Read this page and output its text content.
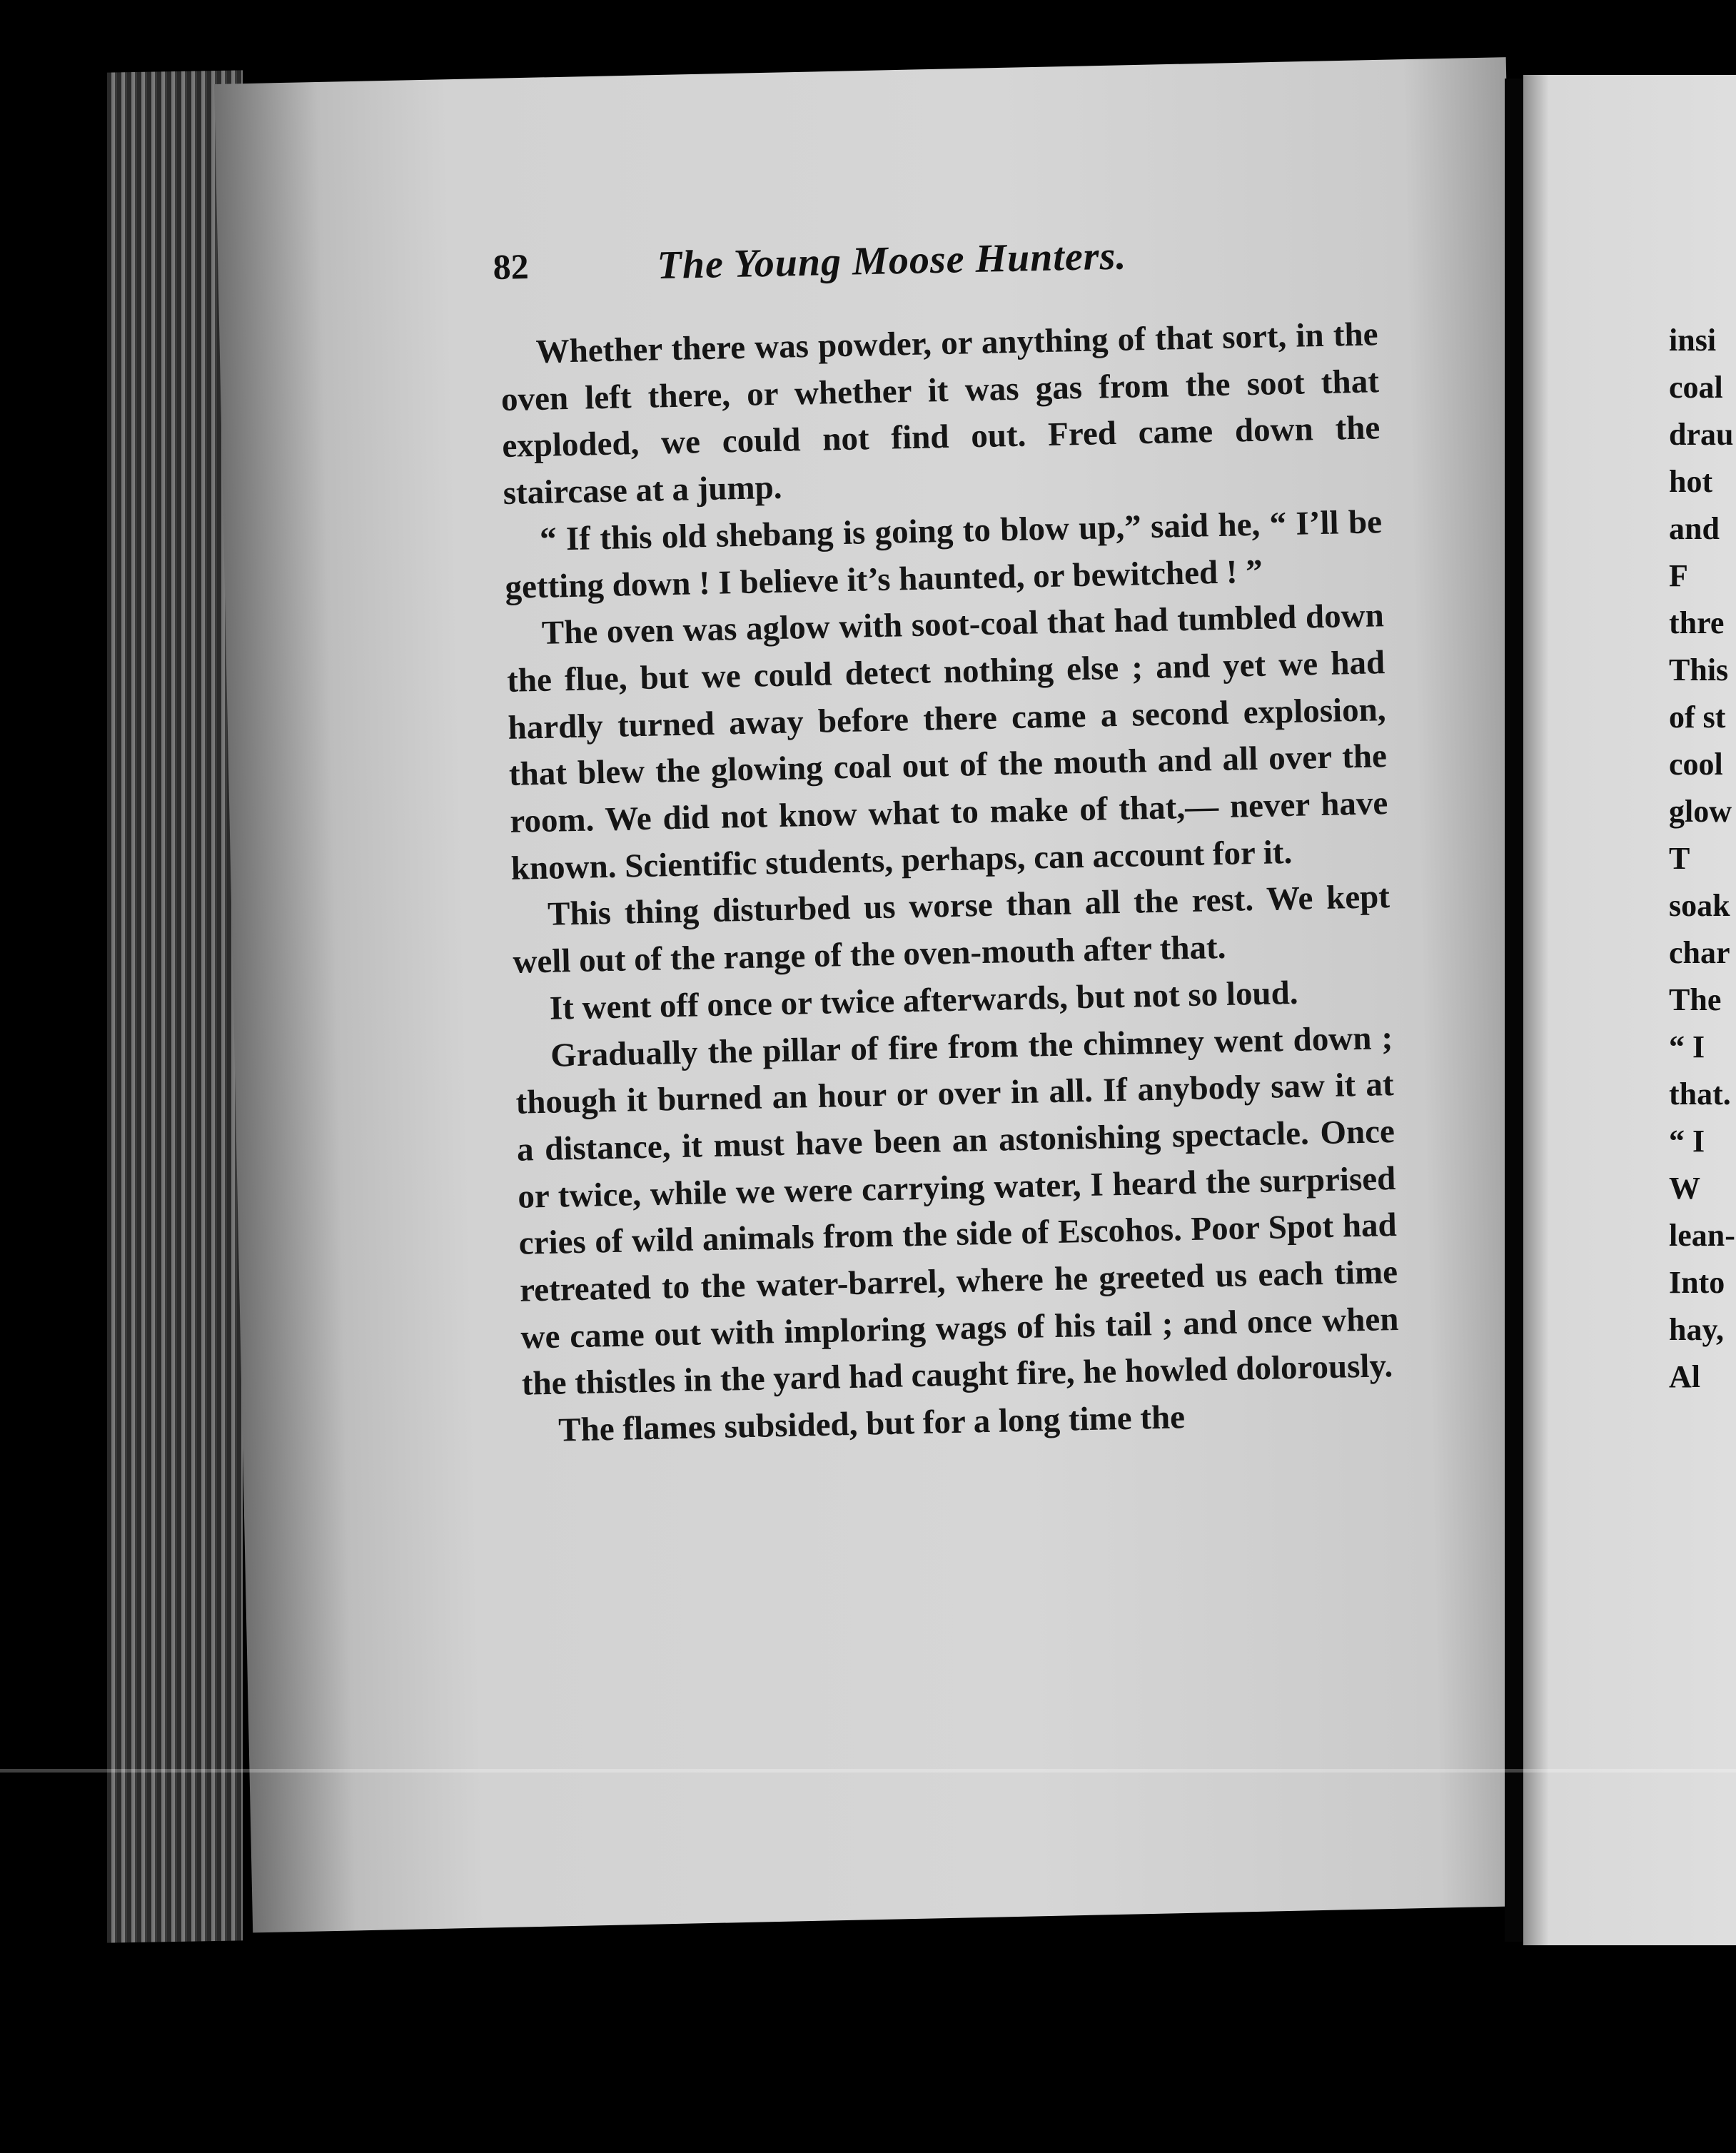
82	The Young Moose Hunters.

Whether there was powder, or anything of that sort, in the oven left there, or whether it was gas from the soot that exploded, we could not find out. Fred came down the staircase at a jump.

“ If this old shebang is going to blow up,” said he, “ I’ll be getting down ! I believe it’s haunted, or bewitched ! ”

The oven was aglow with soot-coal that had tumbled down the flue, but we could detect nothing else ; and yet we had hardly turned away before there came a second explosion, that blew the glowing coal out of the mouth and all over the room. We did not know what to make of that,— never have known. Scientific students, perhaps, can account for it.

This thing disturbed us worse than all the rest. We kept well out of the range of the oven-mouth after that.

It went off once or twice afterwards, but not so loud.

Gradually the pillar of fire from the chimney went down ; though it burned an hour or over in all. If anybody saw it at a distance, it must have been an astonishing spectacle. Once or twice, while we were carrying water, I heard the surprised cries of wild animals from the side of Escohos. Poor Spot had retreated to the water-barrel, where he greeted us each time we came out with imploring wags of his tail ; and once when the thistles in the yard had caught fire, he howled dolorously.

The flames subsided, but for a long time the

insi
coal
drau
hot
and
F
thre
This
of st
cool
glow
T
soak
char
The
“ I
that.
“ I
W
lean-
Into
hay,
Al
